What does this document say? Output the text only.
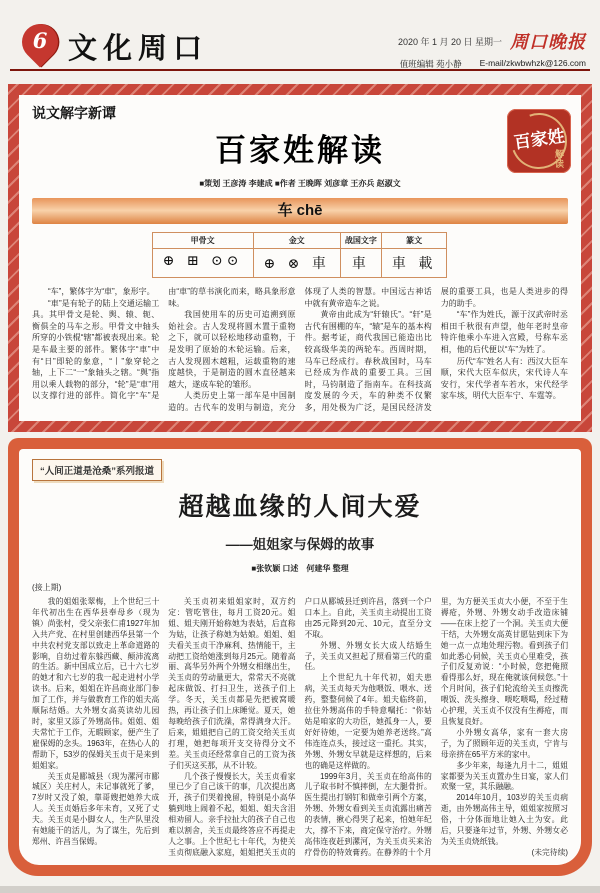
6 文化周口	2020 年 1 月 20 日 星期一 周口晚报
值班编辑 苑小静 E-mail/zkwbwhzk@126.com
说文解字新谭
百家姓解读
■策划 王彦涛 李建成 ■作者 王晚晖 刘彦章 王亦兵 赵淑文
百家姓
解读
车 chē
甲骨文
⊕ ⊞ ⊙⊙
金文
⊕ ⊗ 車
战国文字
車
篆文
車 載

“车”，繁体字为“車”，象形字。

“車”是有轮子的陆上交通运输工具。其甲骨文是轮、舆、辕、轭、衡俱全的马车之形。甲骨文中轴头所穿的小铁棍“辖”都被表现出来。轮是车最主要的部件。繁体字“車”中有“日”即轮的象意，“丨”象穿轮之轴，上下二“一”象轴头之辖。“舆”指用以乘人载物的部分，“轮”是“車”用以支撑行进的部件。简化字“车”是由“車”的草书演化而来，略具象形意味。

我国使用车的历史可追溯到原始社会。古人发现将圆木置于重物之下，就可以轻松地移动重物，于是发明了原始的木轮运输。后来，古人发现圆木越粗，运载重物的速度越快，于是制造的圆木直径越来越大，遂成车轮的雏形。

人类历史上第一部车是中国制造的。古代车的发明与制造，充分体现了人类的智慧。中国远古神话中就有黄帝造车之说。

黄帝由此成为“轩辕氏”。“轩”是古代有围棚的车，“辕”是车的基本构件。据考证，商代我国已能造出比较高级华美的两轮车。西周时期，马车已经成行。春秋战国时，马车已经成为作战的重要工具。三国时，马钧制造了指南车。在科技高度发展的今天，车的种类不仅繁多，用处极为广泛，是国民经济发展的重要工具，也是人类进步的得力的助手。

“车”作为姓氏，源于汉武帝时丞相田千秋很有声望，他年老时皇帝特许他乘小车进入宫殿，号称车丞相，他的后代便以“车”为姓了。

历代“车”姓名人有：西汉大臣车顺，宋代大臣车似庆，宋代诗人车安行，宋代学者车若水，宋代经学家车垓，明代大臣车宁、车霆等。

“人间正道是沧桑”系列报道
超越血缘的人间大爱
——姐姐家与保姆的故事
■张钦颖 口述　何建华 整理
(接上期)

我的姐姐张翠梅，上个世纪三十年代初出生在西华县奉母乡（现为镇）尚张村，受父亲张仁甫1927年加入共产党、在村里创建西华县第一个中共农村党支部以致走上革命道路的影响，自幼过着东躲西藏、颠沛流离的生活。新中国成立后，已十六七岁的她才和六七岁的我一起走进村小学读书。后来，姐姐在许昌商业部门参加了工作，并与做教育工作的姐夫高顺际结婚。大外甥女高英读幼儿园时，家里又添了外甥高伟。姐姐、姐夫常忙于工作，无暇顾家，便产生了雇保姆的念头。1963年，在热心人的帮助下，53岁的保姆关玉贞于是来到姐姐家。

关玉贞是郾城县（现为漯河市郾城区）关庄村人，未记事就死了爹，7岁时又没了娘，靠哥嫂把她养大成人。关玉贞婚后多年未育，又死了丈夫。关玉贞是小脚女人，生产队里没有她能干的活儿，为了谋生，先后到郑州、许昌当保姆。

关玉贞初来姐姐家时，双方约定：管吃管住，每月工资20元。姐姐、姐夫刚开始称她为表姑，后直称为姑，让孩子称她为姑娘。姐姐、姐夫看关玉贞干净麻利、热情能干，主动把工资给她涨到每月25元。随着高丽、高华另外两个外甥女相继出生，关玉贞的劳动量更大，常常天不亮就起床做饭、打扫卫生，送孩子们上学。冬天，关玉贞都是先把被窝暖热，再让孩子们上床睡觉。夏天，她每晚给孩子们洗澡，常得满身大汗。后来，姐姐把自己的工资交给关玉贞打理，她把每项开支交待得分文不差。关玉贞还经常拿自己的工资为孩子们买这买那，从不计较。

几个孩子慢慢长大，关玉贞看家里已少了自己该干的事，几次提出离开，孩子们哭着挽留，特别是小高华躺到地上闹着不起，姐姐、姐夫含泪相劝留人。亲手拉扯大的孩子自己也难以割舍，关玉贞最终答应不再提走人之事。上个世纪七十年代，为使关玉贞彻底融入家庭，姐姐把关玉贞的户口从郾城县迁到许昌，落到一个户口本上。自此，关玉贞主动提出工资由25元降到20元、10元，直至分文不取。

外甥、外甥女长大成人结婚生子，关玉贞又担起了照看第三代的重任。

上个世纪九十年代初，姐夫患病，关玉贞每天为他喂饭、喂水、送药，整整伺候了4年。姐夫临终前，拉住外甥高伟的手特意嘱托：“你姑姑是咱家的大功臣，她孤身一人，要好好待她，一定要为她养老送终。”高伟连连点头，接过这一重托。其实，外甥、外甥女早就是这样想的，后来也的确是这样做的。

1999年3月，关玉贞在给高伟的儿子取书时不慎摔倒，左大腿骨折。医生提出打钢钉和做牵引两个方案，外甥、外甥女看到关玉贞流露出痛苦的表情，揪心得哭了起来，怕她年纪大，撑不下来，商定保守治疗。外甥高伟连夜赶到漯河，为关玉贞买来治疗骨伤的特效膏药。在静养的十个月里，为方便关玉贞大小便，不至于生褥疮，外甥、外甥女动手改造床铺——在床上挖了一个洞。关玉贞大便干结，大外甥女高英甘愿钻到床下为她一点一点地处理污物。看到孩子们如此悉心伺候，关玉贞心里难受，孩子们反复劝说：“小时候，您把俺照看得那么好，现在俺就该伺候您。”十个月时间，孩子们轮流给关玉贞擦洗喂饭、洗头擦身、喂吃喂喝，经过精心护理，关玉贞不仅没有生褥疮，而且恢复良好。

小外甥女高华，家有一套大房子，为了照顾年迈的关玉贞，宁肯与母亲挤在65平方米的家中。

多少年来，每逢九月十二，姐姐家都要为关玉贞置办生日宴，家人们欢聚一堂，其乐融融。

2014年10月，103岁的关玉贞病逝，由外甥高伟主导，姐姐家按照习俗，十分体面地让她入土为安。此后，只要逢年过节，外甥、外甥女必为关玉贞烧纸钱。

(未完待续)
